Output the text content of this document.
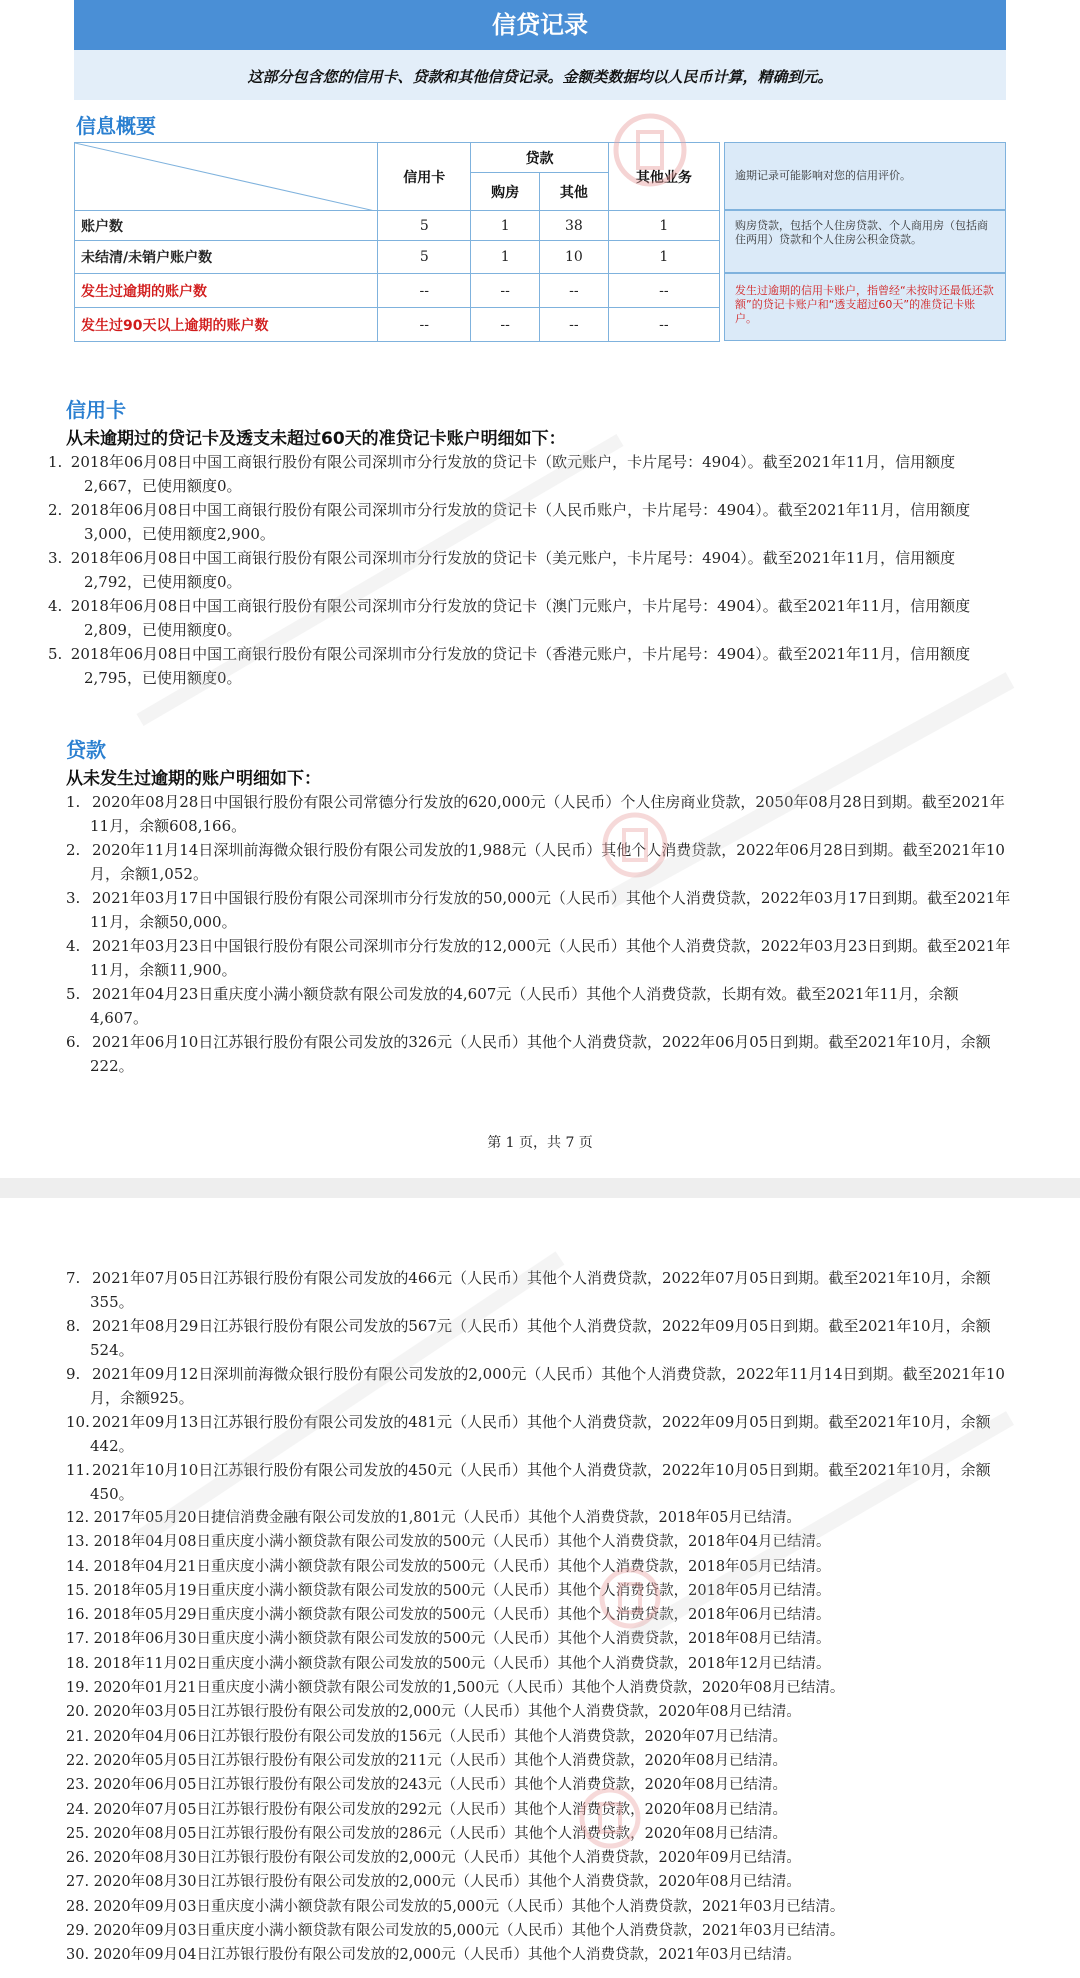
信贷记录
这部分包含您的信用卡、贷款和其他信贷记录。金额类数据均以人民币计算，精确到元。
信息概要
	信用卡	贷款		其他业务
		购房	其他	
账户数	5	1	38	1
未结清/未销户账户数	5	1	10	1
发生过逾期的账户数	--	--	--	--
发生过90天以上逾期的账户数	--	--	--	--
逾期记录可能影响对您的信用评价。
购房贷款，包括个人住房贷款、个人商用房（包括商住两用）贷款和个人住房公积金贷款。
发生过逾期的信用卡账户，指曾经“未按时还最低还款额”的贷记卡账户和“透支超过60天”的准贷记卡账户。
信用卡
从未逾期过的贷记卡及透支未超过60天的准贷记卡账户明细如下：
1. 2018年06月08日中国工商银行股份有限公司深圳市分行发放的贷记卡（欧元账户，卡片尾号：4904）。截至2021年11月，信用额度2,667，已使用额度0。
2. 2018年06月08日中国工商银行股份有限公司深圳市分行发放的贷记卡（人民币账户，卡片尾号：4904）。截至2021年11月，信用额度3,000，已使用额度2,900。
3. 2018年06月08日中国工商银行股份有限公司深圳市分行发放的贷记卡（美元账户，卡片尾号：4904）。截至2021年11月，信用额度2,792，已使用额度0。
4. 2018年06月08日中国工商银行股份有限公司深圳市分行发放的贷记卡（澳门元账户，卡片尾号：4904）。截至2021年11月，信用额度2,809，已使用额度0。
5. 2018年06月08日中国工商银行股份有限公司深圳市分行发放的贷记卡（香港元账户，卡片尾号：4904）。截至2021年11月，信用额度2,795，已使用额度0。
贷款
从未发生过逾期的账户明细如下：
1. 2020年08月28日中国银行股份有限公司常德分行发放的620,000元（人民币）个人住房商业贷款，2050年08月28日到期。截至2021年11月，余额608,166。
2. 2020年11月14日深圳前海微众银行股份有限公司发放的1,988元（人民币）其他个人消费贷款，2022年06月28日到期。截至2021年10月，余额1,052。
3. 2021年03月17日中国银行股份有限公司深圳市分行发放的50,000元（人民币）其他个人消费贷款，2022年03月17日到期。截至2021年11月，余额50,000。
4. 2021年03月23日中国银行股份有限公司深圳市分行发放的12,000元（人民币）其他个人消费贷款，2022年03月23日到期。截至2021年11月，余额11,900。
5. 2021年04月23日重庆度小满小额贷款有限公司发放的4,607元（人民币）其他个人消费贷款，长期有效。截至2021年11月，余额4,607。
6. 2021年06月10日江苏银行股份有限公司发放的326元（人民币）其他个人消费贷款，2022年06月05日到期。截至2021年10月，余额222。
第 1 页，共 7 页
7. 2021年07月05日江苏银行股份有限公司发放的466元（人民币）其他个人消费贷款，2022年07月05日到期。截至2021年10月，余额355。
8. 2021年08月29日江苏银行股份有限公司发放的567元（人民币）其他个人消费贷款，2022年09月05日到期。截至2021年10月，余额524。
9. 2021年09月12日深圳前海微众银行股份有限公司发放的2,000元（人民币）其他个人消费贷款，2022年11月14日到期。截至2021年10月，余额925。
10. 2021年09月13日江苏银行股份有限公司发放的481元（人民币）其他个人消费贷款，2022年09月05日到期。截至2021年10月，余额442。
11. 2021年10月10日江苏银行股份有限公司发放的450元（人民币）其他个人消费贷款，2022年10月05日到期。截至2021年10月，余额450。
12. 2017年05月20日捷信消费金融有限公司发放的1,801元（人民币）其他个人消费贷款，2018年05月已结清。
13. 2018年04月08日重庆度小满小额贷款有限公司发放的500元（人民币）其他个人消费贷款，2018年04月已结清。
14. 2018年04月21日重庆度小满小额贷款有限公司发放的500元（人民币）其他个人消费贷款，2018年05月已结清。
15. 2018年05月19日重庆度小满小额贷款有限公司发放的500元（人民币）其他个人消费贷款，2018年05月已结清。
16. 2018年05月29日重庆度小满小额贷款有限公司发放的500元（人民币）其他个人消费贷款，2018年06月已结清。
17. 2018年06月30日重庆度小满小额贷款有限公司发放的500元（人民币）其他个人消费贷款，2018年08月已结清。
18. 2018年11月02日重庆度小满小额贷款有限公司发放的500元（人民币）其他个人消费贷款，2018年12月已结清。
19. 2020年01月21日重庆度小满小额贷款有限公司发放的1,500元（人民币）其他个人消费贷款，2020年08月已结清。
20. 2020年03月05日江苏银行股份有限公司发放的2,000元（人民币）其他个人消费贷款，2020年08月已结清。
21. 2020年04月06日江苏银行股份有限公司发放的156元（人民币）其他个人消费贷款，2020年07月已结清。
22. 2020年05月05日江苏银行股份有限公司发放的211元（人民币）其他个人消费贷款，2020年08月已结清。
23. 2020年06月05日江苏银行股份有限公司发放的243元（人民币）其他个人消费贷款，2020年08月已结清。
24. 2020年07月05日江苏银行股份有限公司发放的292元（人民币）其他个人消费贷款，2020年08月已结清。
25. 2020年08月05日江苏银行股份有限公司发放的286元（人民币）其他个人消费贷款，2020年08月已结清。
26. 2020年08月30日江苏银行股份有限公司发放的2,000元（人民币）其他个人消费贷款，2020年09月已结清。
27. 2020年08月30日江苏银行股份有限公司发放的2,000元（人民币）其他个人消费贷款，2020年08月已结清。
28. 2020年09月03日重庆度小满小额贷款有限公司发放的5,000元（人民币）其他个人消费贷款，2021年03月已结清。
29. 2020年09月03日重庆度小满小额贷款有限公司发放的5,000元（人民币）其他个人消费贷款，2021年03月已结清。
30. 2020年09月04日江苏银行股份有限公司发放的2,000元（人民币）其他个人消费贷款，2021年03月已结清。
